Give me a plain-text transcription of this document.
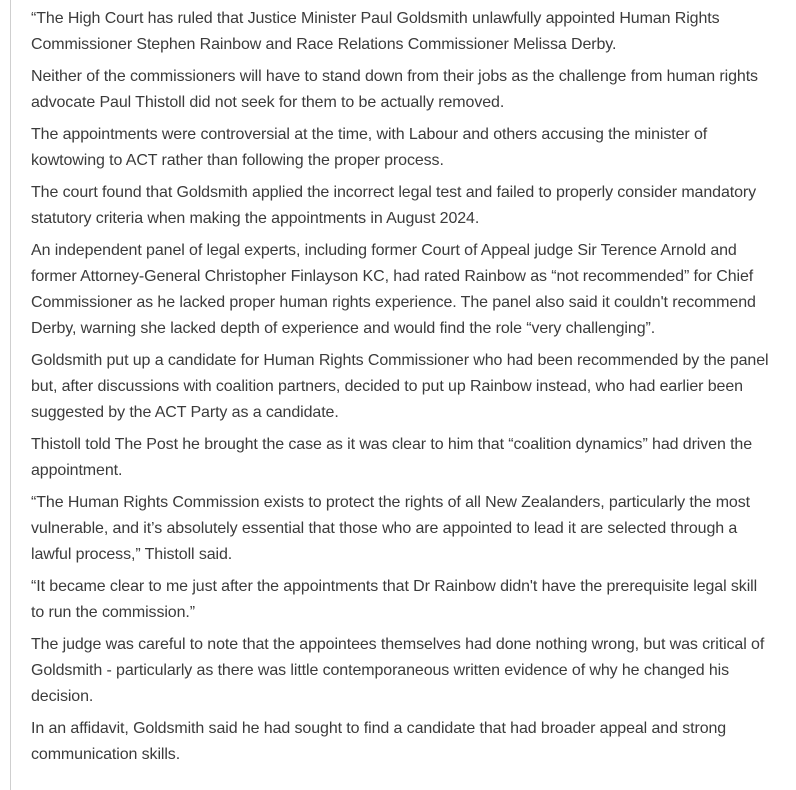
“The High Court has ruled that Justice Minister Paul Goldsmith unlawfully appointed Human Rights Commissioner Stephen Rainbow and Race Relations Commissioner Melissa Derby.

Neither of the commissioners will have to stand down from their jobs as the challenge from human rights advocate Paul Thistoll did not seek for them to be actually removed.

The appointments were controversial at the time, with Labour and others accusing the minister of kowtowing to ACT rather than following the proper process.

The court found that Goldsmith applied the incorrect legal test and failed to properly consider mandatory statutory criteria when making the appointments in August 2024.

An independent panel of legal experts, including former Court of Appeal judge Sir Terence Arnold and former Attorney-General Christopher Finlayson KC, had rated Rainbow as “not recommended” for Chief Commissioner as he lacked proper human rights experience. The panel also said it couldn't recommend Derby, warning she lacked depth of experience and would find the role “very challenging”.

Goldsmith put up a candidate for Human Rights Commissioner who had been recommended by the panel but, after discussions with coalition partners, decided to put up Rainbow instead, who had earlier been suggested by the ACT Party as a candidate.

Thistoll told The Post he brought the case as it was clear to him that “coalition dynamics” had driven the appointment.

“The Human Rights Commission exists to protect the rights of all New Zealanders, particularly the most vulnerable, and it’s absolutely essential that those who are appointed to lead it are selected through a lawful process,” Thistoll said.

“It became clear to me just after the appointments that Dr Rainbow didn't have the prerequisite legal skill to run the commission.”

The judge was careful to note that the appointees themselves had done nothing wrong, but was critical of Goldsmith - particularly as there was little contemporaneous written evidence of why he changed his decision.

In an affidavit, Goldsmith said he had sought to find a candidate that had broader appeal and strong communication skills.
